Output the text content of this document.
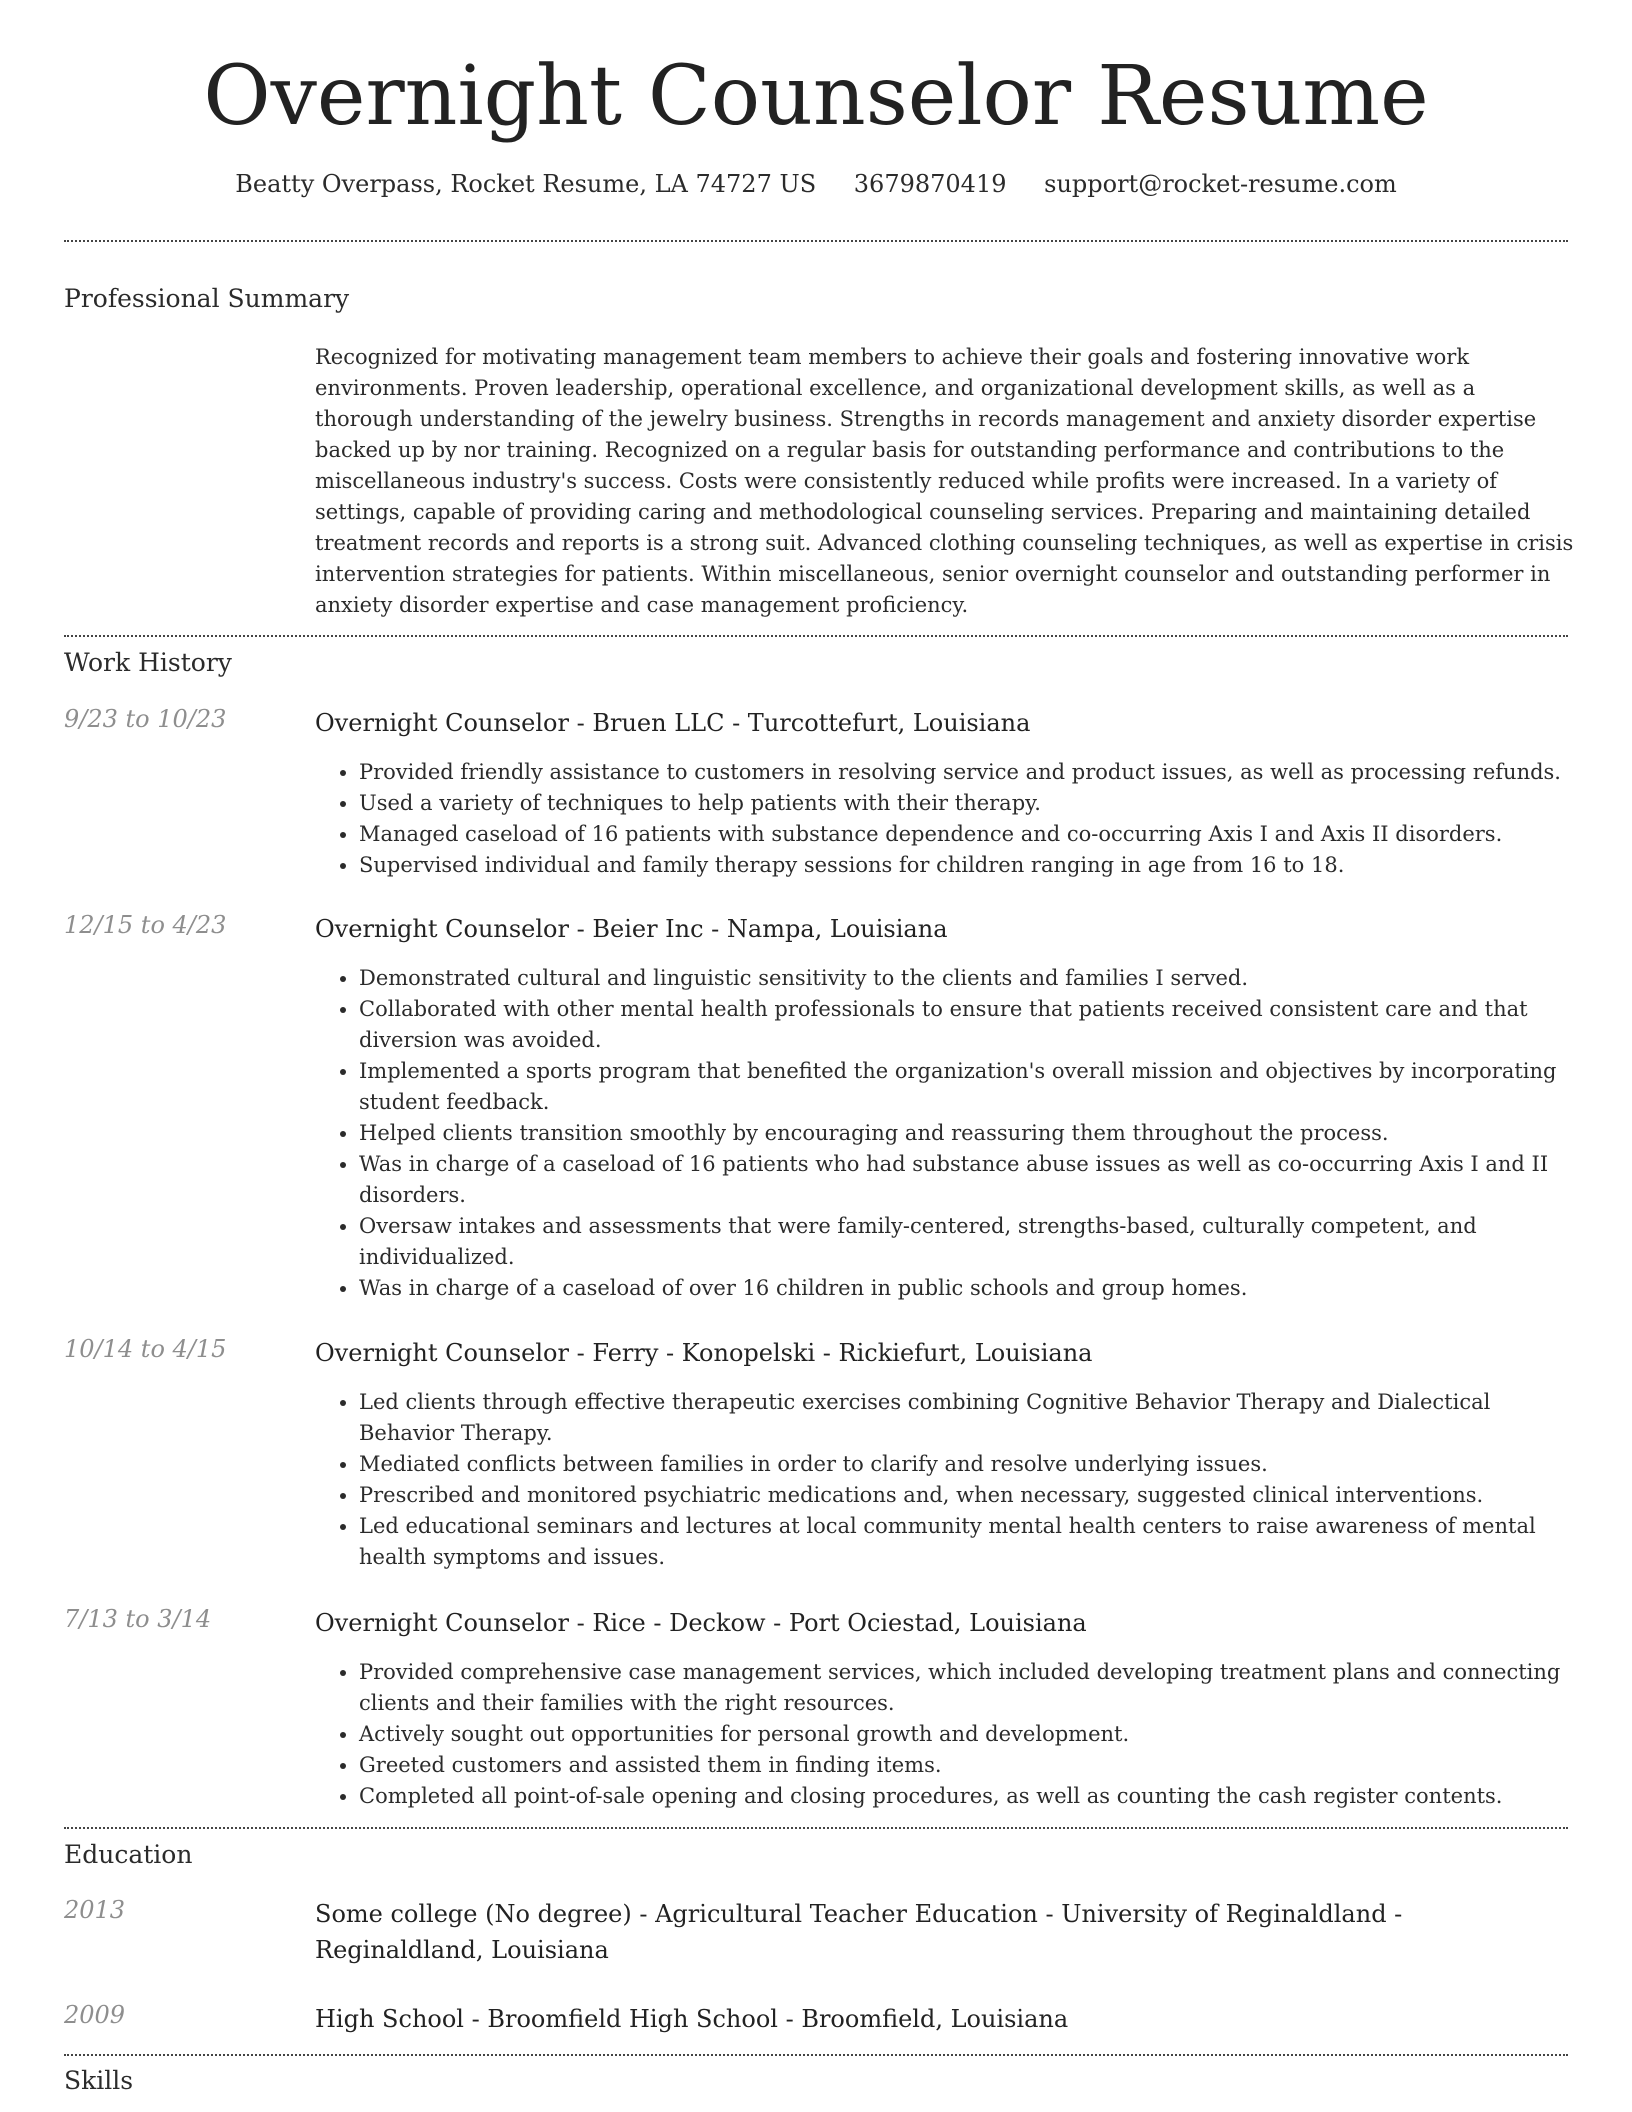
Overnight Counselor Resume
Beatty Overpass, Rocket Resume, LA 74727 US 3679870419 support@rocket-resume.com
Professional Summary
Recognized for motivating management team members to achieve their goals and fostering innovative work environments. Proven leadership, operational excellence, and organizational development skills, as well as a thorough understanding of the jewelry business. Strengths in records management and anxiety disorder expertise backed up by nor training. Recognized on a regular basis for outstanding performance and contributions to the miscellaneous industry's success. Costs were consistently reduced while profits were increased. In a variety of settings, capable of providing caring and methodological counseling services. Preparing and maintaining detailed treatment records and reports is a strong suit. Advanced clothing counseling techniques, as well as expertise in crisis intervention strategies for patients. Within miscellaneous, senior overnight counselor and outstanding performer in anxiety disorder expertise and case management proficiency.
Work History
9/23 to 10/23	Overnight Counselor - Bruen LLC - Turcottefurt, Louisiana
• Provided friendly assistance to customers in resolving service and product issues, as well as processing refunds.
• Used a variety of techniques to help patients with their therapy.
• Managed caseload of 16 patients with substance dependence and co-occurring Axis I and Axis II disorders.
• Supervised individual and family therapy sessions for children ranging in age from 16 to 18.
12/15 to 4/23	Overnight Counselor - Beier Inc - Nampa, Louisiana
• Demonstrated cultural and linguistic sensitivity to the clients and families I served.
• Collaborated with other mental health professionals to ensure that patients received consistent care and that diversion was avoided.
• Implemented a sports program that benefited the organization's overall mission and objectives by incorporating student feedback.
• Helped clients transition smoothly by encouraging and reassuring them throughout the process.
• Was in charge of a caseload of 16 patients who had substance abuse issues as well as co-occurring Axis I and II disorders.
• Oversaw intakes and assessments that were family-centered, strengths-based, culturally competent, and individualized.
• Was in charge of a caseload of over 16 children in public schools and group homes.
10/14 to 4/15	Overnight Counselor - Ferry - Konopelski - Rickiefurt, Louisiana
• Led clients through effective therapeutic exercises combining Cognitive Behavior Therapy and Dialectical Behavior Therapy.
• Mediated conflicts between families in order to clarify and resolve underlying issues.
• Prescribed and monitored psychiatric medications and, when necessary, suggested clinical interventions.
• Led educational seminars and lectures at local community mental health centers to raise awareness of mental health symptoms and issues.
7/13 to 3/14	Overnight Counselor - Rice - Deckow - Port Ociestad, Louisiana
• Provided comprehensive case management services, which included developing treatment plans and connecting clients and their families with the right resources.
• Actively sought out opportunities for personal growth and development.
• Greeted customers and assisted them in finding items.
• Completed all point-of-sale opening and closing procedures, as well as counting the cash register contents.
Education
2013	Some college (No degree) - Agricultural Teacher Education - University of Reginaldland - Reginaldland, Louisiana
2009	High School - Broomfield High School - Broomfield, Louisiana
Skills
